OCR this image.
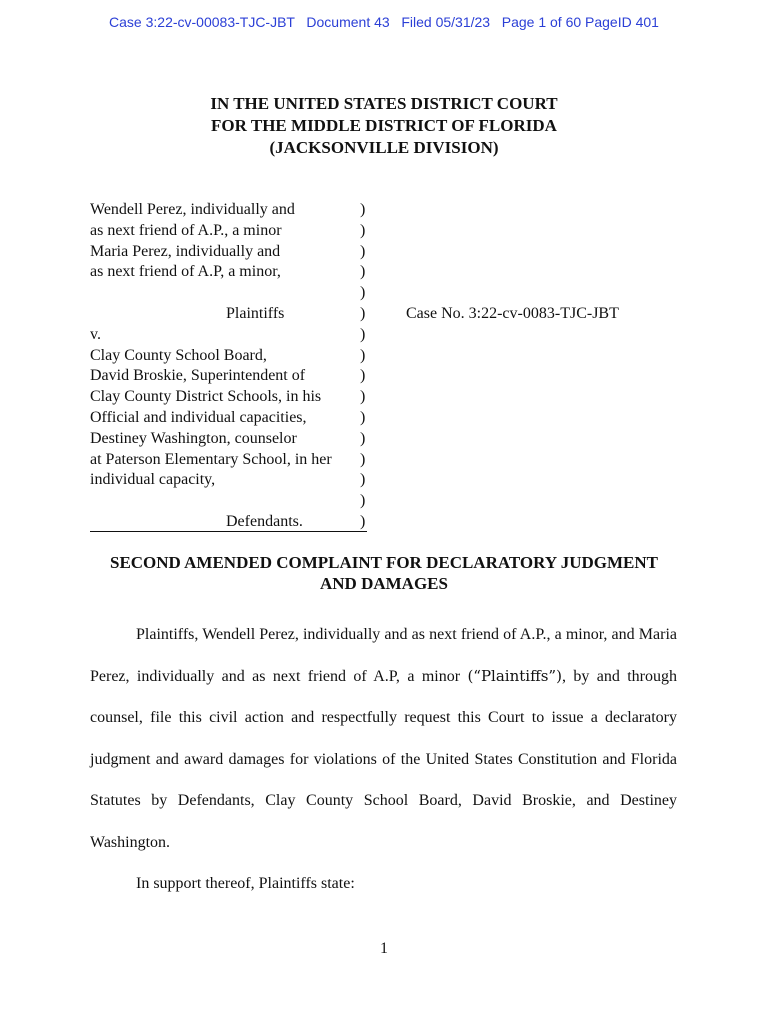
Case 3:22-cv-00083-TJC-JBT   Document 43   Filed 05/31/23   Page 1 of 60 PageID 401
IN THE UNITED STATES DISTRICT COURT
FOR THE MIDDLE DISTRICT OF FLORIDA
(JACKSONVILLE DIVISION)
Wendell Perez, individually and	)
as next friend of A.P., a minor	)
Maria Perez, individually and	)
as next friend of A.P, a minor,	)
)
Plaintiffs	)	Case No. 3:22-cv-0083-TJC-JBT
v.	)
Clay County School Board,	)
David Broskie, Superintendent of	)
Clay County District Schools, in his )
Official and individual capacities,	)
Destiney Washington, counselor	)
at Paterson Elementary School, in her )
individual capacity,	)
)
Defendants.	)
SECOND AMENDED COMPLAINT FOR DECLARATORY JUDGMENT
AND DAMAGES

Plaintiffs, Wendell Perez, individually and as next friend of A.P., a minor, and Maria Perez, individually and as next friend of A.P, a minor (“Plaintiffs”), by and through counsel, file this civil action and respectfully request this Court to issue a declaratory judgment and award damages for violations of the United States Constitution and Florida Statutes by Defendants, Clay County School Board, David Broskie, and Destiney Washington.

In support thereof, Plaintiffs state:

1
